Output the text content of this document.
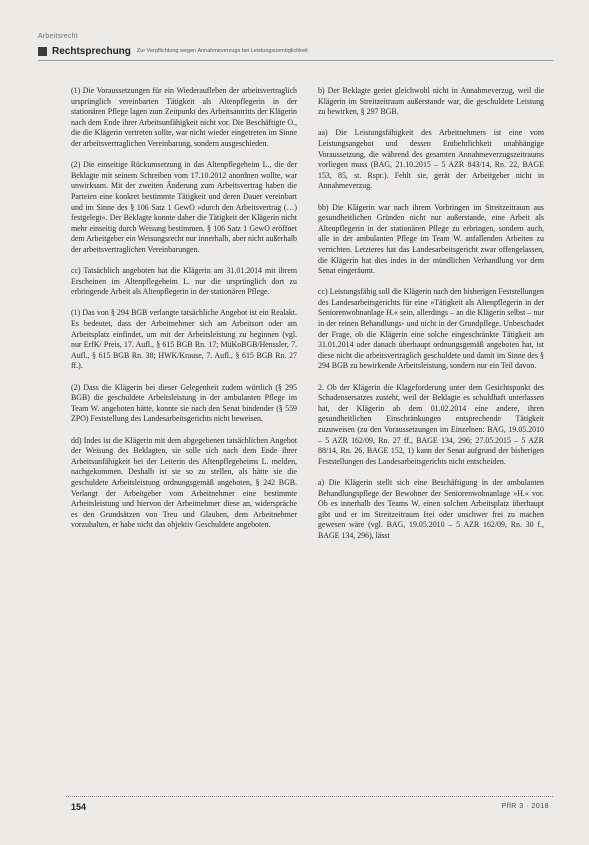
Arbeitsrecht
Rechtsprechung Zur Verpflichtung wegen Annahmeverzugs bei Leistungsunmöglichkeit

(1) Die Voraussetzungen für ein Wiederaufleben der arbeitsvertraglich ursprünglich vereinbarten Tätigkeit als Altenpflegerin in der stationären Pflege lagen zum Zeitpunkt des Arbeitsantritts der Klägerin nach dem Ende ihrer Arbeitsunfähigkeit nicht vor. Die Beschäftigte O., die die Klägerin vertreten sollte, war nicht wieder eingetreten im Sinne der arbeitsvertraglichen Vereinbarung, sondern ausgeschieden.

(2) Die einseitige Rückumsetzung in das Altenpflegeheim L., die der Beklagte mit seinem Schreiben vom 17.10.2012 anordnen wollte, war unwirksam. Mit der zweiten Änderung zum Arbeitsvertrag haben die Parteien eine konkret bestimmte Tätigkeit und deren Dauer vereinbart und im Sinne des § 106 Satz 1 GewO »durch den Arbeitsvertrag (…) festgelegt«. Der Beklagte konnte daher die Tätigkeit der Klägerin nicht mehr einseitig durch Weisung bestimmen. § 106 Satz 1 GewO eröffnet dem Arbeitgeber ein Weisungsrecht nur innerhalb, aber nicht außerhalb der arbeitsvertraglichen Vereinbarungen.

cc) Tatsächlich angeboten hat die Klägerin am 31.01.2014 mit ihrem Erscheinen im Altenpflegeheim L. nur die ursprünglich dort zu erbringende Arbeit als Altenpflegerin in der stationären Pflege.

(1) Das von § 294 BGB verlangte tatsächliche Angebot ist ein Realakt. Es bedeutet, dass der Arbeitnehmer sich am Arbeitsort oder am Arbeitsplatz einfindet, um mit der Arbeitsleistung zu beginnen (vgl. nur ErfK/ Preis, 17. Aufl., § 615 BGB Rn. 17; MüKoBGB/Henssler, 7. Aufl., § 615 BGB Rn. 38; HWK/Krause, 7. Aufl., § 615 BGB Rn. 27 ff.).

(2) Dass die Klägerin bei dieser Gelegenheit zudem wörtlich (§ 295 BGB) die geschuldete Arbeitsleistung in der ambulanten Pflege im Team W. angeboten hätte, konnte sie nach den Senat bindender (§ 559 ZPO) Feststellung des Landesarbeitsgerichts nicht beweisen.

dd) Indes ist die Klägerin mit dem abgegebenen tatsächlichen Angebot der Weisung des Beklagten, sie solle sich nach dem Ende ihrer Arbeitsunfähigkeit bei der Leiterin des Altenpflegeheims L. melden, nachgekommen. Deshalb ist sie so zu stellen, als hätte sie die geschuldete Arbeitsleistung ordnungsgemäß angeboten, § 242 BGB. Verlangt der Arbeitgeber vom Arbeitnehmer eine bestimmte Arbeitsleistung und hiervon der Arbeitnehmer diese an, widerspräche es den Grundsätzen von Treu und Glauben, dem Arbeitnehmer vorzuhalten, er habe nicht das objektiv Geschuldete angeboten.

b) Der Beklagte geriet gleichwohl nicht in Annahmeverzug, weil die Klägerin im Streitzeitraum außerstande war, die geschuldete Leistung zu bewirken, § 297 BGB.

aa) Die Leistungsfähigkeit des Arbeitnehmers ist eine vom Leistungsangebot und dessen Entbehrlichkeit unabhängige Voraussetzung, die während des gesamten Annahmeverzugszeitraums vorliegen muss (BAG, 21.10.2015 – 5 AZR 843/14, Rn. 22, BAGE 153, 85, st. Rspr.). Fehlt sie, gerät der Arbeitgeber nicht in Annahmeverzug.

bb) Die Klägerin war nach ihrem Vorbringen im Streitzeitraum aus gesundheitlichen Gründen nicht nur außerstande, eine Arbeit als Altenpflegerin in der stationären Pflege zu erbringen, sondern auch, alle in der ambulanten Pflege im Team W. anfallenden Arbeiten zu verrichten. Letzteres hat das Landesarbeitsgericht zwar offengelassen, die Klägerin hat dies indes in der mündlichen Verhandlung vor dem Senat eingeräumt.

cc) Leistungsfähig soll die Klägerin nach den bisherigen Feststellungen des Landesarbeitsgerichts für eine »Tätigkeit als Altenpflegerin in der Seniorenwohnanlage H.« sein, allerdings – an die Klägerin selbst – nur in der reinen Behandlungs- und nicht in der Grundpflege. Unbeschadet der Frage, ob die Klägerin eine solche eingeschränkte Tätigkeit am 31.01.2014 oder danach überhaupt ordnungsgemäß angeboten hat, ist diese nicht die arbeitsvertraglich geschuldete und damit im Sinne des § 294 BGB zu bewirkende Arbeitsleistung, sondern nur ein Teil davon.

2. Ob der Klägerin die Klageforderung unter dem Gesichtspunkt des Schadensersatzes zusteht, weil der Beklagte es schuldhaft unterlassen hat, der Klägerin ab dem 01.02.2014 eine andere, ihren gesundheitlichen Einschränkungen entsprechende Tätigkeit zuzuweisen (zu den Voraussetzungen im Einzelnen: BAG, 19.05.2010 – 5 AZR 162/09, Rn. 27 ff., BAGE 134, 296; 27.05.2015 – 5 AZR 88/14, Rn. 26, BAGE 152, 1) kann der Senat aufgrund der bisherigen Feststellungen des Landesarbeitsgerichts nicht entscheiden.

a) Die Klägerin stellt sich eine Beschäftigung in der ambulanten Behandlungspflege der Bewohner der Seniorenwohnanlage »H.« vor. Ob es innerhalb des Teams W. einen solchen Arbeitsplatz überhaupt gibt und er im Streitzeitraum frei oder unschwer frei zu machen gewesen wäre (vgl. BAG, 19.05.2010 – 5 AZR 162/09, Rn. 30 f., BAGE 134, 296), lässt

154	PflR 3 · 2018
